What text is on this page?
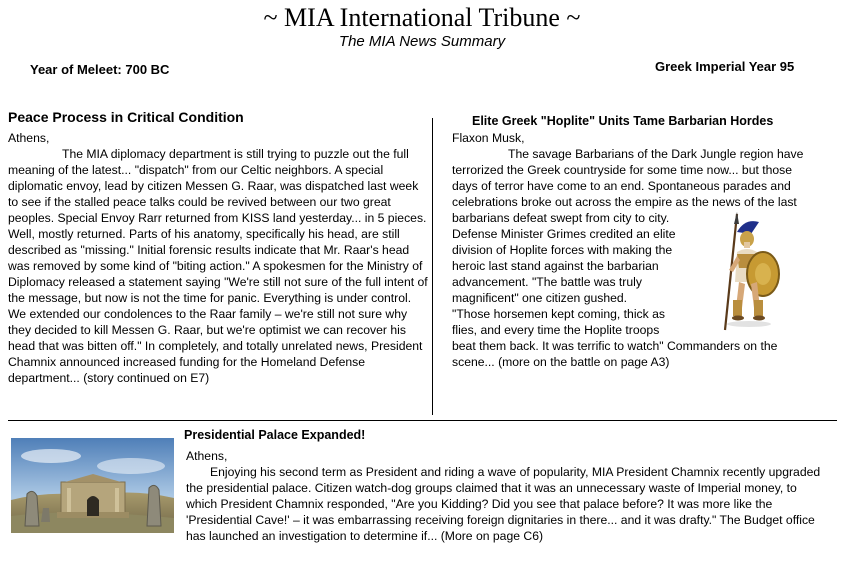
~ MIA International Tribune ~
The MIA News Summary
Year of Meleet: 700 BC	Greek Imperial Year 95
Peace Process in Critical Condition

Athens,

The MIA diplomacy department is still trying to puzzle out the full meaning of the latest... "dispatch" from our Celtic neighbors. A special diplomatic envoy, lead by citizen Messen G. Raar, was dispatched last week to see if the stalled peace talks could be revived between our two great peoples. Special Envoy Rarr returned from KISS land yesterday... in 5 pieces. Well, mostly returned. Parts of his anatomy, specifically his head, are still described as "missing." Initial forensic results indicate that Mr. Raar's head was removed by some kind of "biting action." A spokesmen for the Ministry of Diplomacy released a statement saying "We're still not sure of the full intent of the message, but now is not the time for panic. Everything is under control. We extended our condolences to the Raar family – we're still not sure why they decided to kill Messen G. Raar, but we're optimist we can recover his head that was bitten off." In completely, and totally unrelated news, President Chamnix announced increased funding for the Homeland Defense department... (story continued on E7)

Elite Greek "Hoplite" Units Tame Barbarian Hordes
Flaxon Musk,
The savage Barbarians of the Dark Jungle region have
terrorized the Greek countryside for some time now... but those
days of terror have come to an end. Spontaneous parades and
celebrations broke out across the empire as the news of the last
barbarians defeat swept from city to city.
Defense Minister Grimes credited an elite
division of Hoplite forces with making the
heroic last stand against the barbarian
advancement. "The battle was truly
magnificent" one citizen gushed.
"Those horsemen kept coming, thick as
flies, and every time the Hoplite troops
beat them back. It was terrific to watch" Commanders on the
scene... (more on the battle on page A3)
Presidential Palace Expanded!

Athens,

Enjoying his second term as President and riding a wave of popularity, MIA President Chamnix recently upgraded the presidential palace. Citizen watch-dog groups claimed that it was an unnecessary waste of Imperial money, to which President Chamnix responded, "Are you Kidding? Did you see that palace before? It was more like the 'Presidential Cave!' – it was embarrassing receiving foreign dignitaries in there... and it was drafty." The Budget office has launched an investigation to determine if... (More on page C6)
